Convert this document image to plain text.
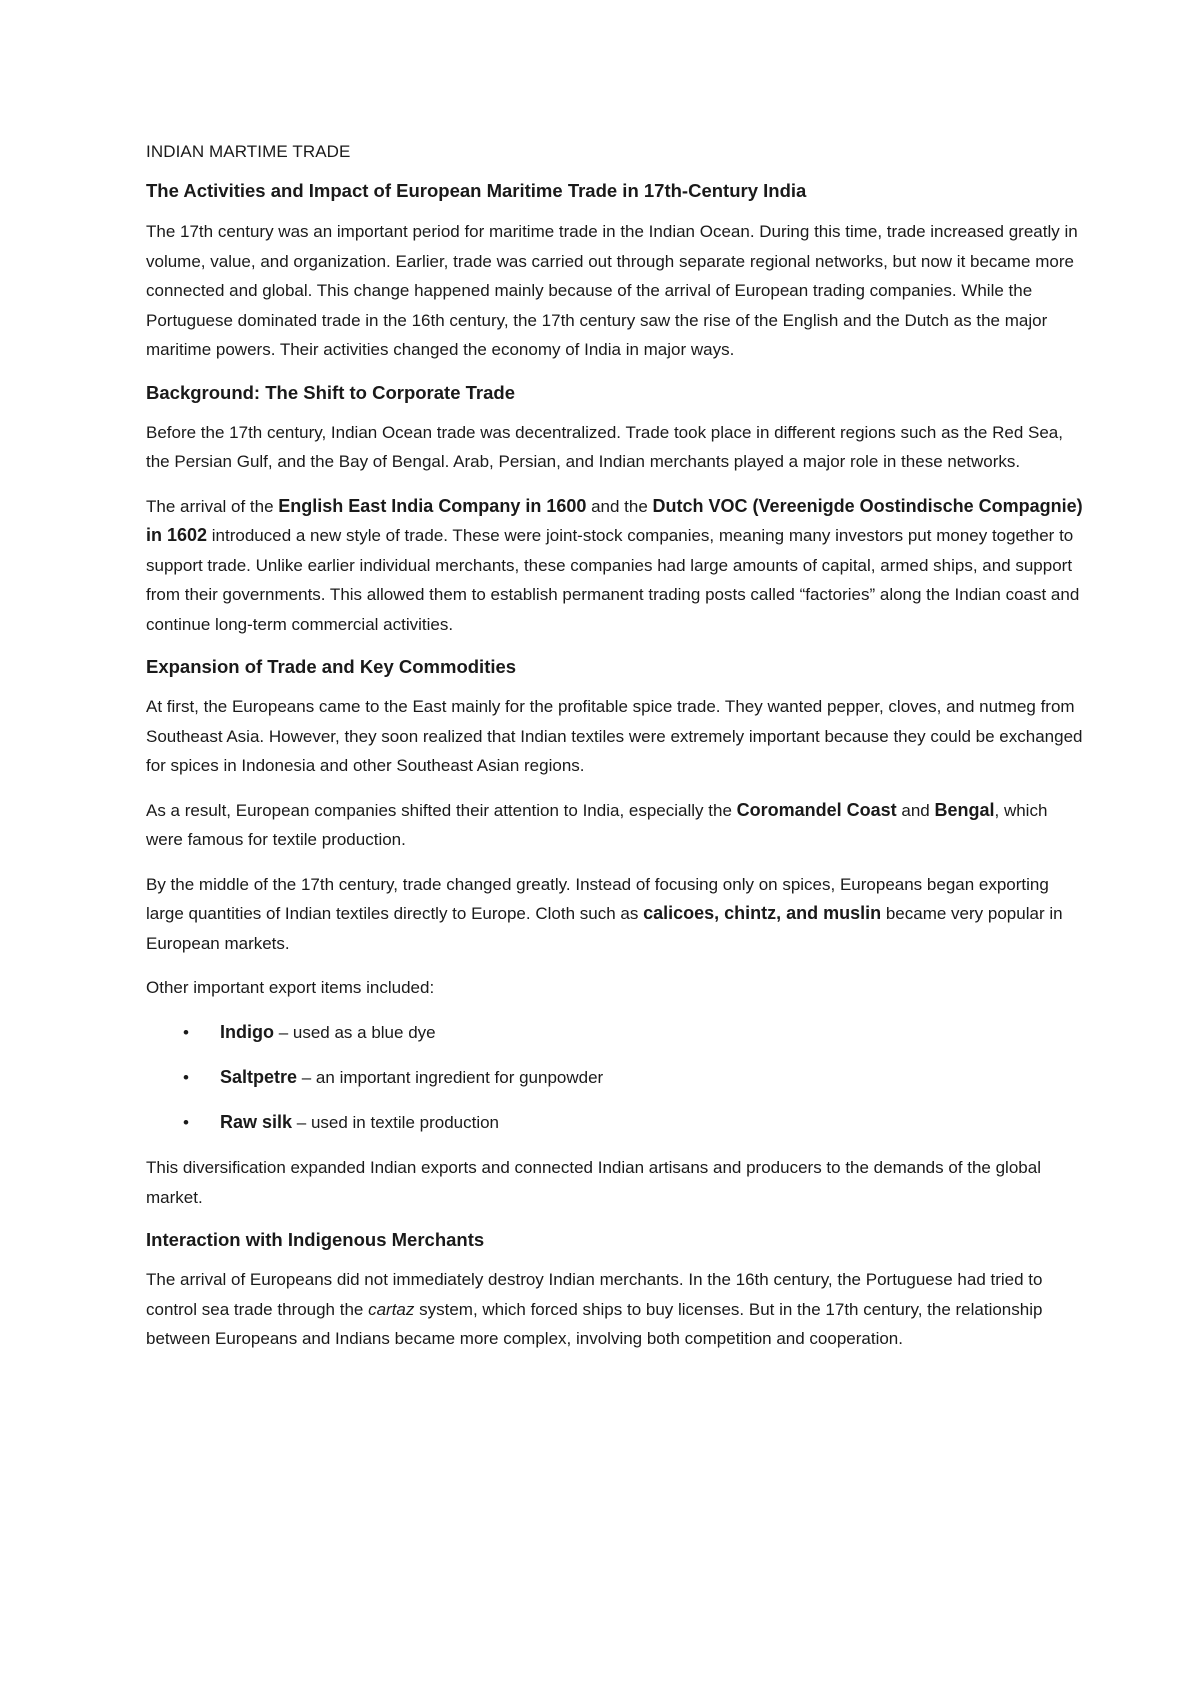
INDIAN MARTIME TRADE

The Activities and Impact of European Maritime Trade in 17th-Century India

The 17th century was an important period for maritime trade in the Indian Ocean. During this time, trade increased greatly in volume, value, and organization. Earlier, trade was carried out through separate regional networks, but now it became more connected and global. This change happened mainly because of the arrival of European trading companies. While the Portuguese dominated trade in the 16th century, the 17th century saw the rise of the English and the Dutch as the major maritime powers. Their activities changed the economy of India in major ways.

Background: The Shift to Corporate Trade

Before the 17th century, Indian Ocean trade was decentralized. Trade took place in different regions such as the Red Sea, the Persian Gulf, and the Bay of Bengal. Arab, Persian, and Indian merchants played a major role in these networks.

The arrival of the English East India Company in 1600 and the Dutch VOC (Vereenigde Oostindische Compagnie) in 1602 introduced a new style of trade. These were joint-stock companies, meaning many investors put money together to support trade. Unlike earlier individual merchants, these companies had large amounts of capital, armed ships, and support from their governments. This allowed them to establish permanent trading posts called “factories” along the Indian coast and continue long-term commercial activities.

Expansion of Trade and Key Commodities

At first, the Europeans came to the East mainly for the profitable spice trade. They wanted pepper, cloves, and nutmeg from Southeast Asia. However, they soon realized that Indian textiles were extremely important because they could be exchanged for spices in Indonesia and other Southeast Asian regions.

As a result, European companies shifted their attention to India, especially the Coromandel Coast and Bengal, which were famous for textile production.

By the middle of the 17th century, trade changed greatly. Instead of focusing only on spices, Europeans began exporting large quantities of Indian textiles directly to Europe. Cloth such as calicoes, chintz, and muslin became very popular in European markets.

Other important export items included:

• Indigo – used as a blue dye
• Saltpetre – an important ingredient for gunpowder
• Raw silk – used in textile production

This diversification expanded Indian exports and connected Indian artisans and producers to the demands of the global market.

Interaction with Indigenous Merchants

The arrival of Europeans did not immediately destroy Indian merchants. In the 16th century, the Portuguese had tried to control sea trade through the cartaz system, which forced ships to buy licenses. But in the 17th century, the relationship between Europeans and Indians became more complex, involving both competition and cooperation.
